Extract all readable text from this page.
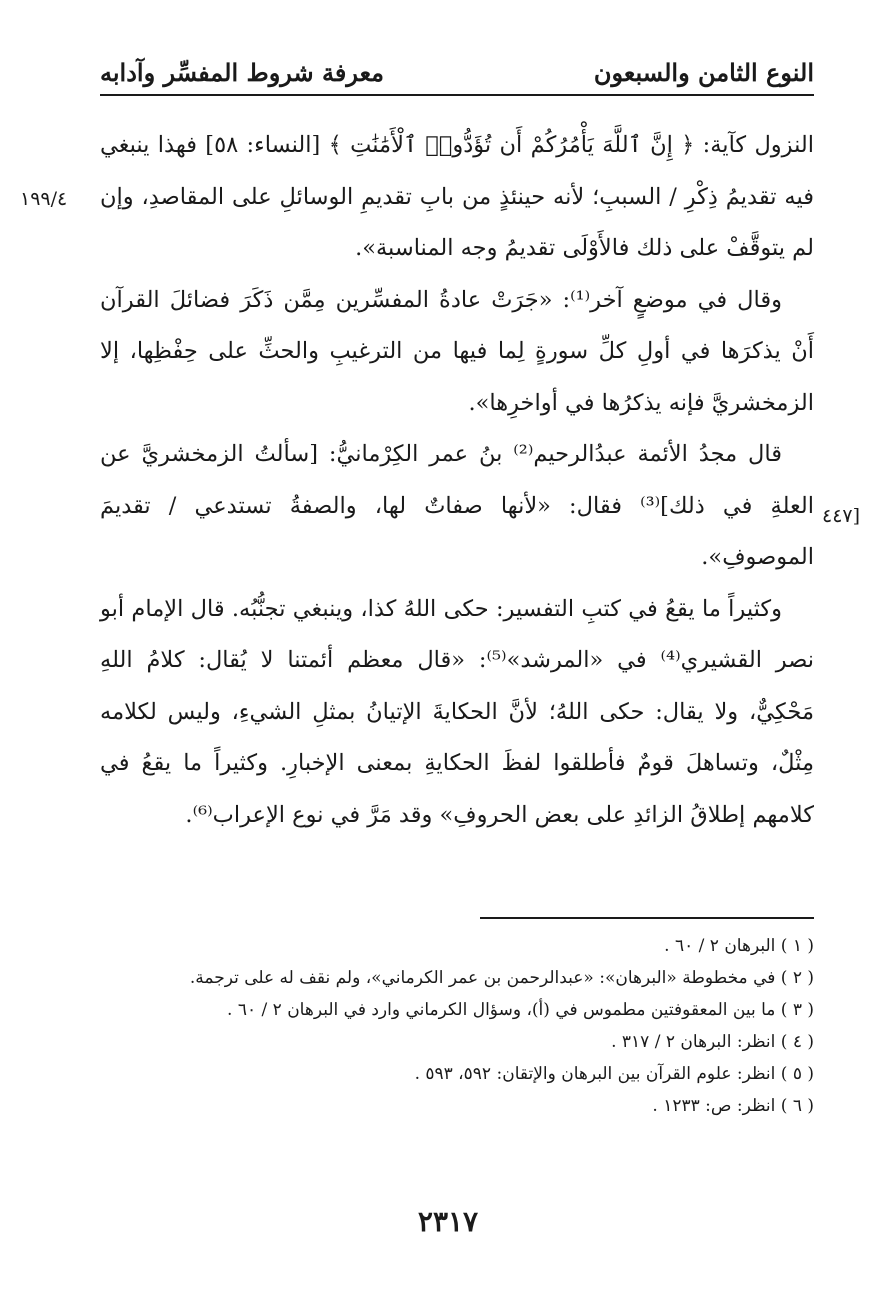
النوع الثامن والسبعون
معرفة شروط المفسِّر وآدابه
١٩٩/٤
[٤٤٧

النزول كآية: ﴿ إِنَّ ٱللَّهَ يَأْمُرُكُمْ أَن تُؤَدُّوا۟ ٱلْأَمَٰنَٰتِ ﴾ [النساء: ٥٨] فهذا ينبغي فيه تقديمُ ذِكْرِ / السببِ؛ لأنه حينئذٍ من بابِ تقديمِ الوسائلِ على المقاصدِ، وإن لم يتوقَّفْ على ذلك فالأَوْلَى تقديمُ وجه المناسبة».

وقال في موضعٍ آخر⁽¹⁾: «جَرَتْ عادةُ المفسِّرين مِمَّن ذَكَرَ فضائلَ القرآن أَنْ يذكرَها في أولِ كلِّ سورةٍ لِما فيها من الترغيبِ والحثِّ على حِفْظِها، إلا الزمخشريَّ فإنه يذكرُها في أواخرِها».

قال مجدُ الأئمة عبدُالرحيم⁽²⁾ بنُ عمر الكِرْمانيُّ: [سألتُ الزمخشريَّ عن العلةِ في ذلك]⁽³⁾ فقال: «لأنها صفاتٌ لها، والصفةُ تستدعي / تقديمَ الموصوفِ».

وكثيراً ما يقعُ في كتبِ التفسير: حكى اللهُ كذا، وينبغي تجنُّبُه. قال الإمام أبو نصر القشيري⁽⁴⁾ في «المرشد»⁽⁵⁾: «قال معظم أئمتنا لا يُقال: كلامُ اللهِ مَحْكِيٌّ، ولا يقال: حكى اللهُ؛ لأنَّ الحكايةَ الإتيانُ بمثلِ الشيءِ، وليس لكلامه مِثْلٌ، وتساهلَ قومٌ فأطلقوا لفظَ الحكايةِ بمعنى الإخبارِ. وكثيراً ما يقعُ في كلامهم إطلاقُ الزائدِ على بعض الحروفِ» وقد مَرَّ في نوع الإعراب⁽⁶⁾.

( ١ ) البرهان ٢ / ٦٠ .

( ٢ ) في مخطوطة «البرهان»: «عبدالرحمن بن عمر الكرماني»، ولم نقف له على ترجمة.

( ٣ ) ما بين المعقوفتين مطموس في (أ)، وسؤال الكرماني وارد في البرهان ٢ / ٦٠ .

( ٤ ) انظر: البرهان ٢ / ٣١٧ .

( ٥ ) انظر: علوم القرآن بين البرهان والإتقان: ٥٩٢، ٥٩٣ .

( ٦ ) انظر: ص: ١٢٣٣ .

٢٣١٧
